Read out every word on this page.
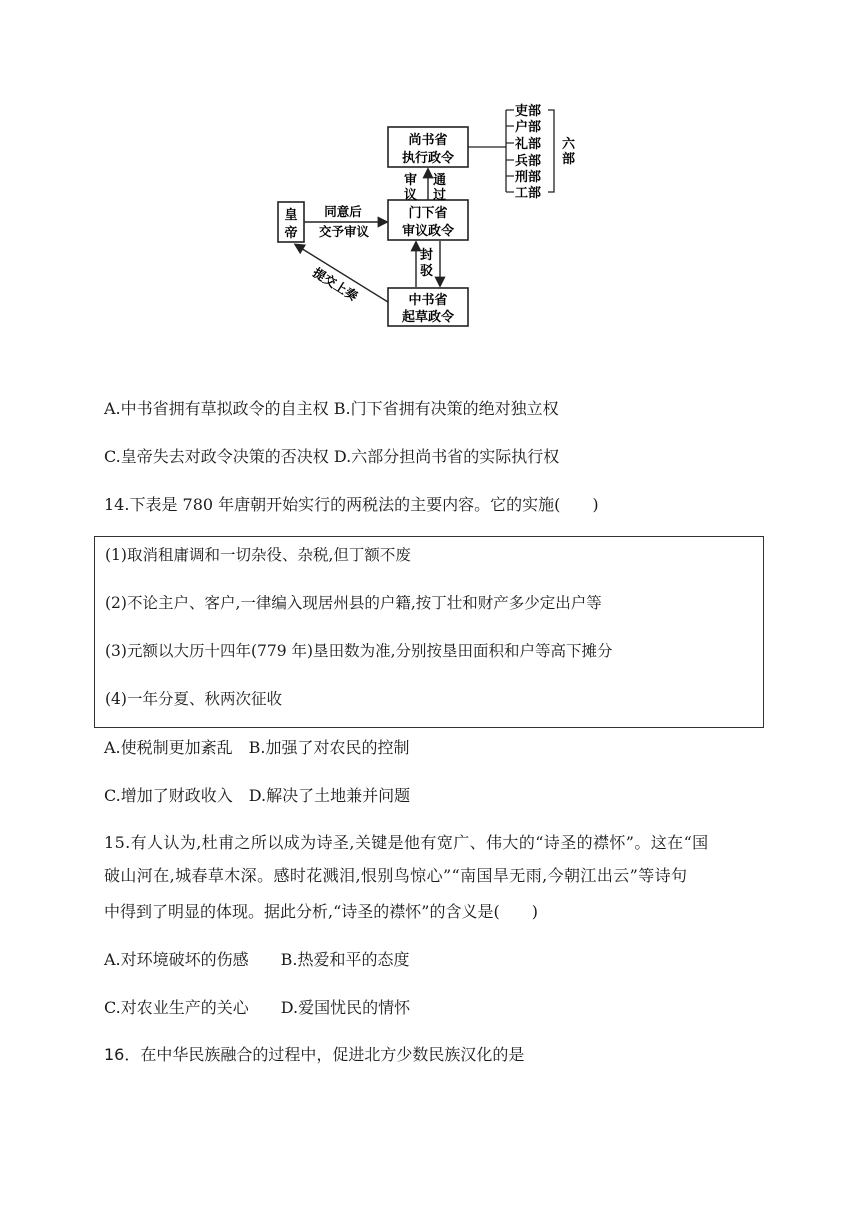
尚书省
执行政令
门下省
审议政令
中书省
起草政令
皇
帝
吏部
户部
礼部
兵部
刑部
工部
六
部
审
议
通
过
封
驳
同意后
交予审议
提交上奏
A.中书省拥有草拟政令的自主权 B.门下省拥有决策的绝对独立权
C.皇帝失去对政令决策的否决权 D.六部分担尚书省的实际执行权
14.下表是 780 年唐朝开始实行的两税法的主要内容。它的实施(　　)
(1)取消租庸调和一切杂役、杂税,但丁额不废
(2)不论主户、客户,一律编入现居州县的户籍,按丁壮和财产多少定出户等
(3)元额以大历十四年(779 年)垦田数为准,分别按垦田面积和户等高下摊分
(4)一年分夏、秋两次征收
A.使税制更加紊乱　B.加强了对农民的控制
C.增加了财政收入　D.解决了土地兼并问题
15.有人认为,杜甫之所以成为诗圣,关键是他有宽广、伟大的“诗圣的襟怀”。这在“国
破山河在,城春草木深。感时花溅泪,恨别鸟惊心”“南国旱无雨,今朝江出云”等诗句
中得到了明显的体现。据此分析,“诗圣的襟怀”的含义是(　　)
A.对环境破坏的伤感　　B.热爱和平的态度
C.对农业生产的关心　　D.爱国忧民的情怀
16．在中华民族融合的过程中，促进北方少数民族汉化的是
